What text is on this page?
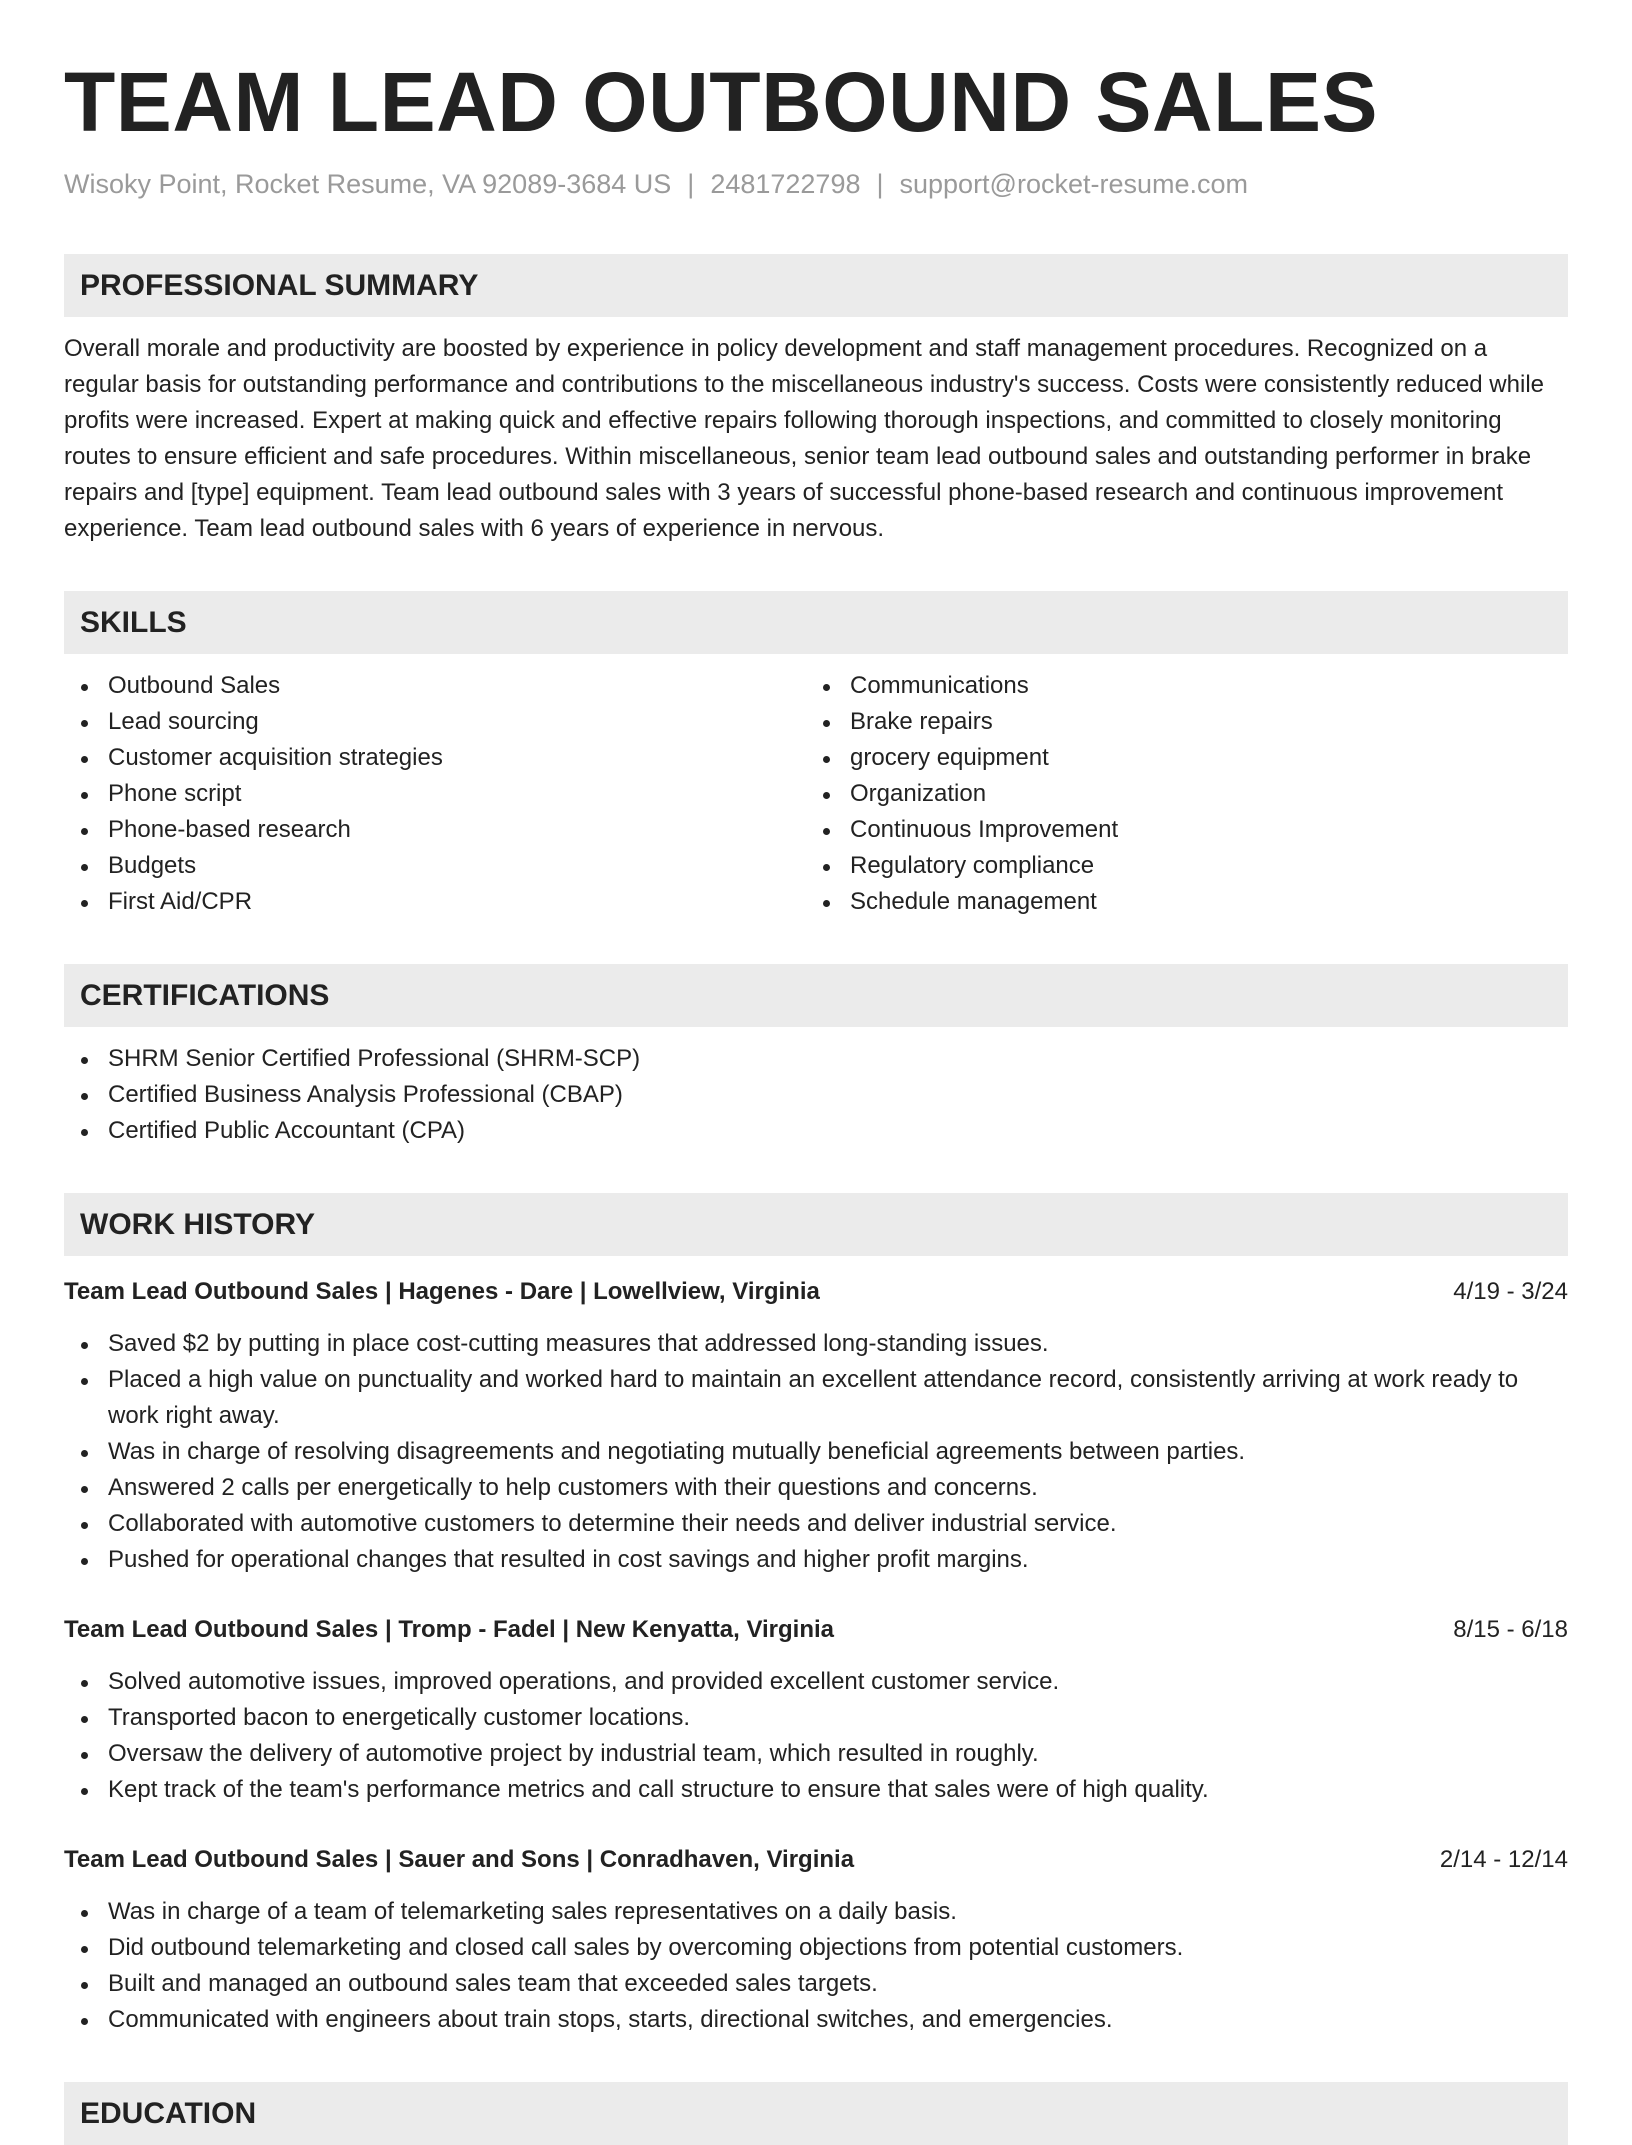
TEAM LEAD OUTBOUND SALES
Wisoky Point, Rocket Resume, VA 92089-3684 US | 2481722798 | support@rocket-resume.com
PROFESSIONAL SUMMARY
Overall morale and productivity are boosted by experience in policy development and staff management procedures. Recognized on a regular basis for outstanding performance and contributions to the miscellaneous industry's success. Costs were consistently reduced while profits were increased. Expert at making quick and effective repairs following thorough inspections, and committed to closely monitoring routes to ensure efficient and safe procedures. Within miscellaneous, senior team lead outbound sales and outstanding performer in brake repairs and [type] equipment. Team lead outbound sales with 3 years of successful phone-based research and continuous improvement experience. Team lead outbound sales with 6 years of experience in nervous.
SKILLS
Outbound Sales
Lead sourcing
Customer acquisition strategies
Phone script
Phone-based research
Budgets
First Aid/CPR
Communications
Brake repairs
grocery equipment
Organization
Continuous Improvement
Regulatory compliance
Schedule management
CERTIFICATIONS
SHRM Senior Certified Professional (SHRM-SCP)
Certified Business Analysis Professional (CBAP)
Certified Public Accountant (CPA)
WORK HISTORY
Team Lead Outbound Sales | Hagenes - Dare | Lowellview, Virginia	4/19 - 3/24
Saved $2 by putting in place cost-cutting measures that addressed long-standing issues.
Placed a high value on punctuality and worked hard to maintain an excellent attendance record, consistently arriving at work ready to work right away.
Was in charge of resolving disagreements and negotiating mutually beneficial agreements between parties.
Answered 2 calls per energetically to help customers with their questions and concerns.
Collaborated with automotive customers to determine their needs and deliver industrial service.
Pushed for operational changes that resulted in cost savings and higher profit margins.
Team Lead Outbound Sales | Tromp - Fadel | New Kenyatta, Virginia	8/15 - 6/18
Solved automotive issues, improved operations, and provided excellent customer service.
Transported bacon to energetically customer locations.
Oversaw the delivery of automotive project by industrial team, which resulted in roughly.
Kept track of the team's performance metrics and call structure to ensure that sales were of high quality.
Team Lead Outbound Sales | Sauer and Sons | Conradhaven, Virginia	2/14 - 12/14
Was in charge of a team of telemarketing sales representatives on a daily basis.
Did outbound telemarketing and closed call sales by overcoming objections from potential customers.
Built and managed an outbound sales team that exceeded sales targets.
Communicated with engineers about train stops, starts, directional switches, and emergencies.
EDUCATION
